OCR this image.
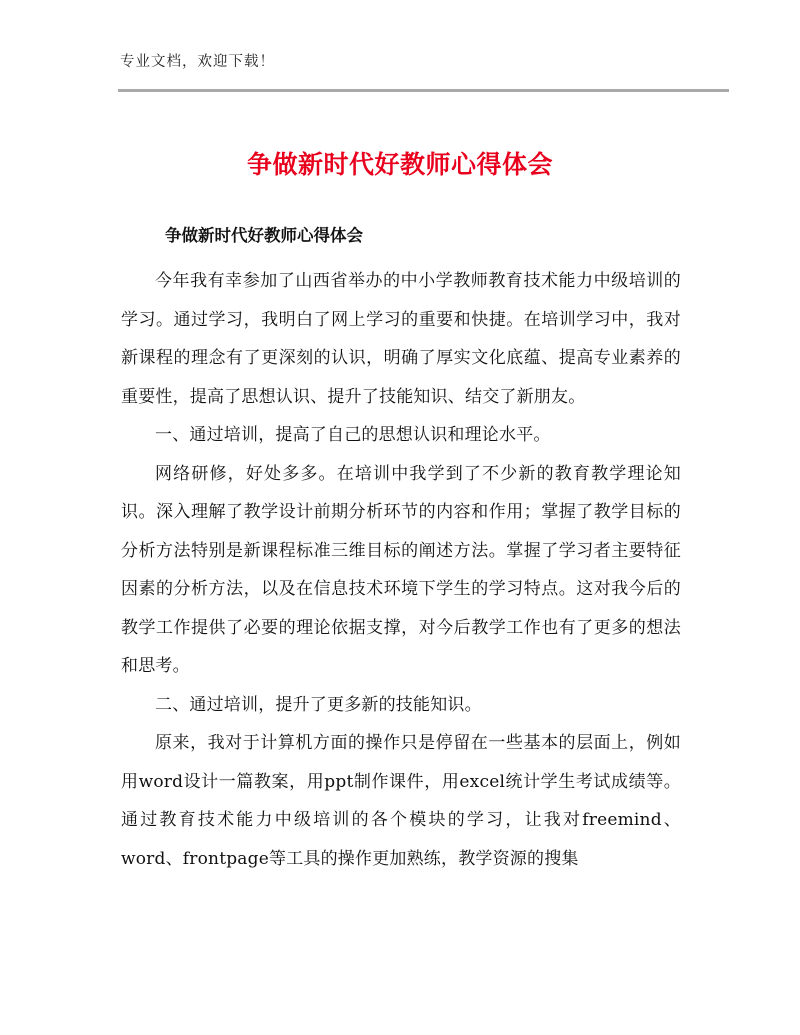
专业文档，欢迎下载！
争做新时代好教师心得体会
争做新时代好教师心得体会

今年我有幸参加了山西省举办的中小学教师教育技术能力中级培训的学习。通过学习，我明白了网上学习的重要和快捷。在培训学习中，我对新课程的理念有了更深刻的认识，明确了厚实文化底蕴、提高专业素养的重要性，提高了思想认识、提升了技能知识、结交了新朋友。

一、通过培训，提高了自己的思想认识和理论水平。

网络研修，好处多多。在培训中我学到了不少新的教育教学理论知识。深入理解了教学设计前期分析环节的内容和作用；掌握了教学目标的分析方法特别是新课程标准三维目标的阐述方法。掌握了学习者主要特征因素的分析方法，以及在信息技术环境下学生的学习特点。这对我今后的教学工作提供了必要的理论依据支撑，对今后教学工作也有了更多的想法和思考。

二、通过培训，提升了更多新的技能知识。

原来，我对于计算机方面的操作只是停留在一些基本的层面上，例如用word设计一篇教案，用ppt制作课件，用excel统计学生考试成绩等。通过教育技术能力中级培训的各个模块的学习，让我对freemind、word、frontpage等工具的操作更加熟练，教学资源的搜集
